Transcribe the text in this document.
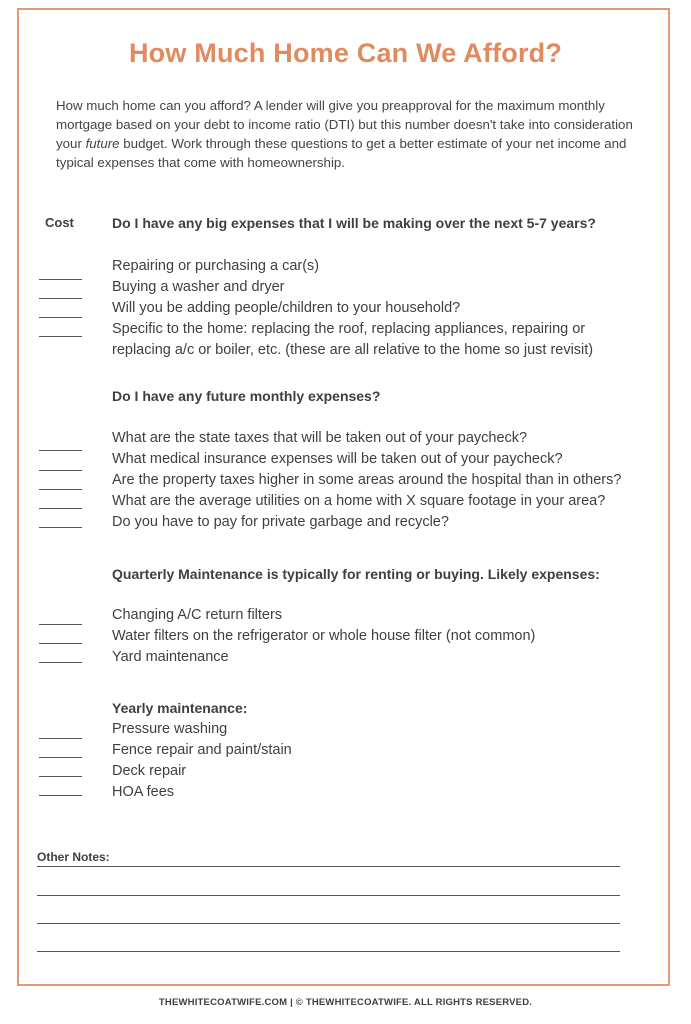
How Much Home Can We Afford?
How much home can you afford? A lender will give you preapproval for the maximum monthly mortgage based on your debt to income ratio (DTI) but this number doesn't take into consideration your future budget. Work through these questions to get a better estimate of your net income and typical expenses that come with homeownership.
Cost	Do I have any big expenses that I will be making over the next 5-7 years?
Repairing or purchasing a car(s)
Buying a washer and dryer
Will you be adding people/children to your household?
Specific to the home: replacing the roof, replacing appliances, repairing or
replacing a/c or boiler, etc. (these are all relative to the home so just revisit)
Do I have any future monthly expenses?
What are the state taxes that will be taken out of your paycheck?
What medical insurance expenses will be taken out of your paycheck?
Are the property taxes higher in some areas around the hospital than in others?
What are the average utilities on a home with X square footage in your area?
Do you have to pay for private garbage and recycle?
Quarterly Maintenance is typically for renting or buying. Likely expenses:
Changing A/C return filters
Water filters on the refrigerator or whole house filter (not common)
Yard maintenance
Yearly maintenance:
Pressure washing
Fence repair and paint/stain
Deck repair
HOA fees
Other Notes:
THEWHITECOATWIFE.COM | © THEWHITECOATWIFE. ALL RIGHTS RESERVED.
